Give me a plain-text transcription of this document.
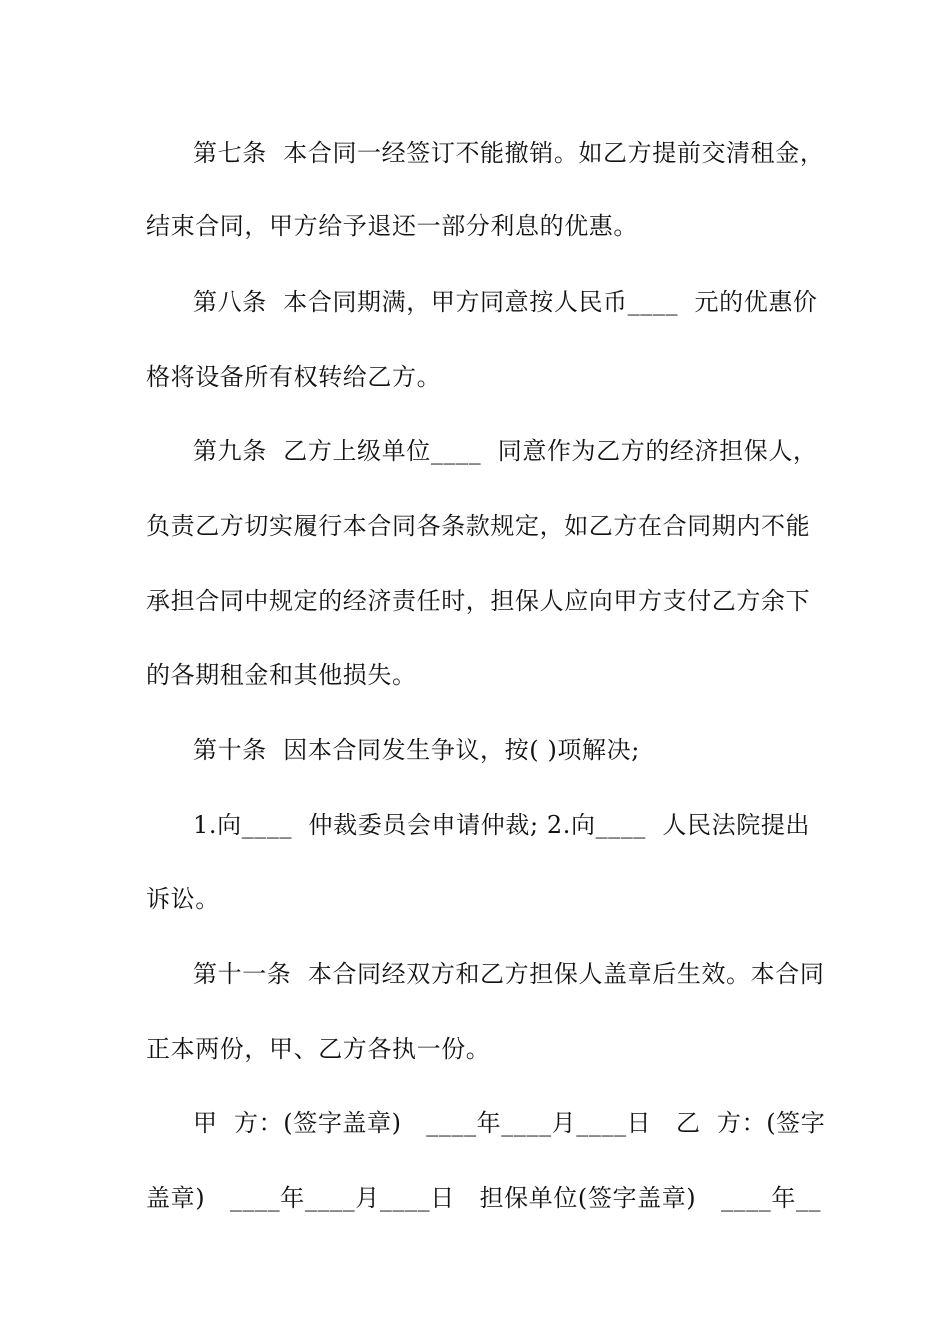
第七条  本合同一经签订不能撤销。如乙方提前交清租金，
结束合同，甲方给予退还一部分利息的优惠。
第八条  本合同期满，甲方同意按人民币____  元的优惠价
格将设备所有权转给乙方。
第九条  乙方上级单位____  同意作为乙方的经济担保人，
负责乙方切实履行本合同各条款规定，如乙方在合同期内不能
承担合同中规定的经济责任时，担保人应向甲方支付乙方余下
的各期租金和其他损失。
第十条  因本合同发生争议，按( )项解决;
1.向____  仲裁委员会申请仲裁; 2.向____  人民法院提出
诉讼。
第十一条  本合同经双方和乙方担保人盖章后生效。本合同
正本两份，甲、乙方各执一份。
甲  方：(签字盖章)   ____年____月____日   乙  方：(签字
盖章)   ____年____月____日   担保单位(签字盖章)   ____年__
